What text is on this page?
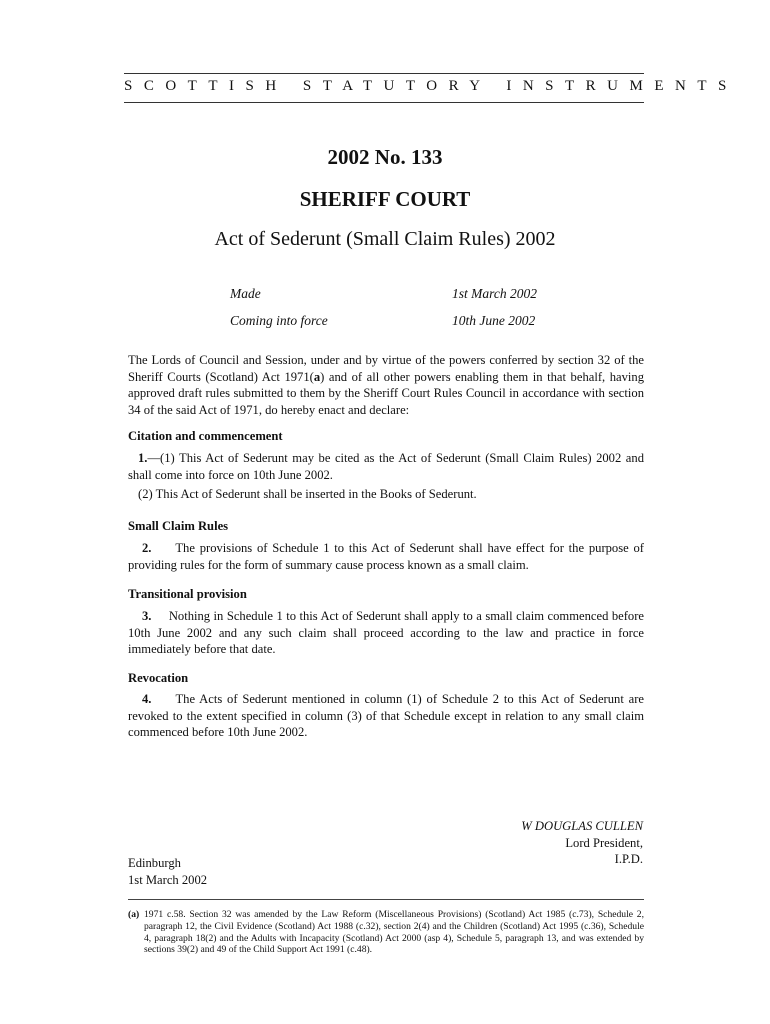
SCOTTISH STATUTORY INSTRUMENTS
2002 No. 133
SHERIFF COURT
Act of Sederunt (Small Claim Rules) 2002
Made	1st March 2002
Coming into force	10th June 2002
The Lords of Council and Session, under and by virtue of the powers conferred by section 32 of the Sheriff Courts (Scotland) Act 1971(a) and of all other powers enabling them in that behalf, having approved draft rules submitted to them by the Sheriff Court Rules Council in accordance with section 34 of the said Act of 1971, do hereby enact and declare:
Citation and commencement
1.—(1) This Act of Sederunt may be cited as the Act of Sederunt (Small Claim Rules) 2002 and shall come into force on 10th June 2002.
(2) This Act of Sederunt shall be inserted in the Books of Sederunt.
Small Claim Rules
2. The provisions of Schedule 1 to this Act of Sederunt shall have effect for the purpose of providing rules for the form of summary cause process known as a small claim.
Transitional provision
3. Nothing in Schedule 1 to this Act of Sederunt shall apply to a small claim commenced before 10th June 2002 and any such claim shall proceed according to the law and practice in force immediately before that date.
Revocation
4. The Acts of Sederunt mentioned in column (1) of Schedule 2 to this Act of Sederunt are revoked to the extent specified in column (3) of that Schedule except in relation to any small claim commenced before 10th June 2002.
W DOUGLAS CULLEN
Lord President,
I.P.D.
Edinburgh
1st March 2002
(a) 1971 c.58. Section 32 was amended by the Law Reform (Miscellaneous Provisions) (Scotland) Act 1985 (c.73), Schedule 2, paragraph 12, the Civil Evidence (Scotland) Act 1988 (c.32), section 2(4) and the Children (Scotland) Act 1995 (c.36), Schedule 4, paragraph 18(2) and the Adults with Incapacity (Scotland) Act 2000 (asp 4), Schedule 5, paragraph 13, and was extended by sections 39(2) and 49 of the Child Support Act 1991 (c.48).
